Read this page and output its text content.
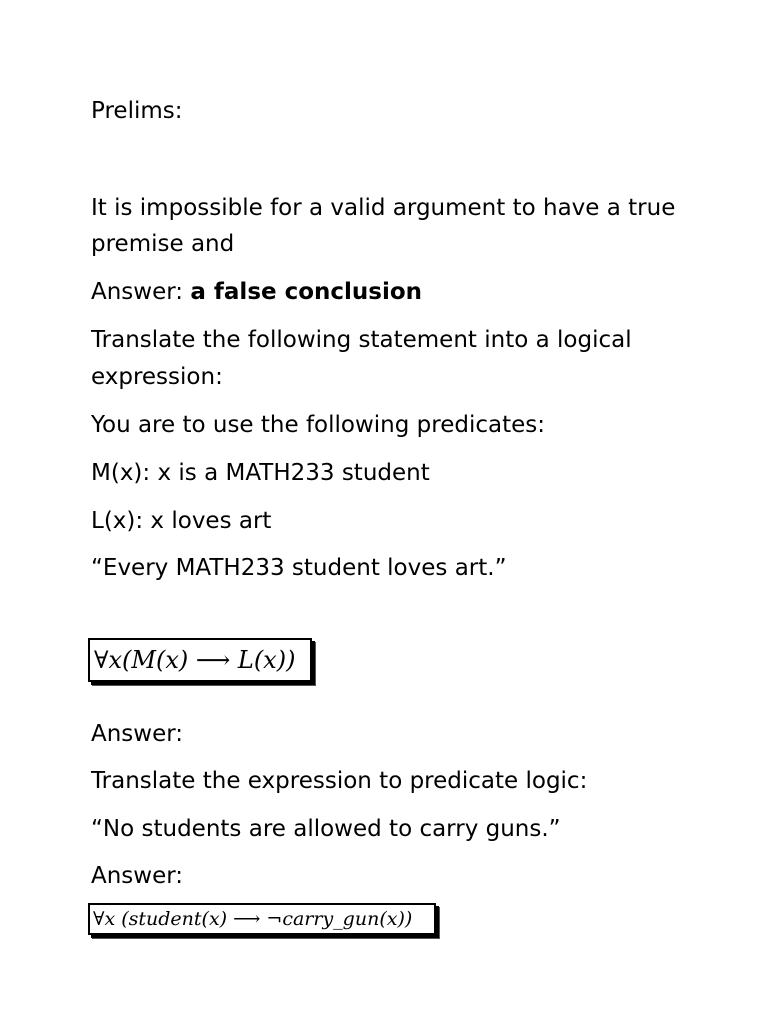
Prelims:
It is impossible for a valid argument to have a true
premise and
Answer: a false conclusion
Translate the following statement into a logical
expression:
You are to use the following predicates:
M(x): x is a MATH233 student
L(x): x loves art
“Every MATH233 student loves art.”
∀x(M(x) ⟶ L(x))
Answer:
Translate the expression to predicate logic:
“No students are allowed to carry guns.”
Answer:
∀x (student(x) ⟶ ¬carry_gun(x))
